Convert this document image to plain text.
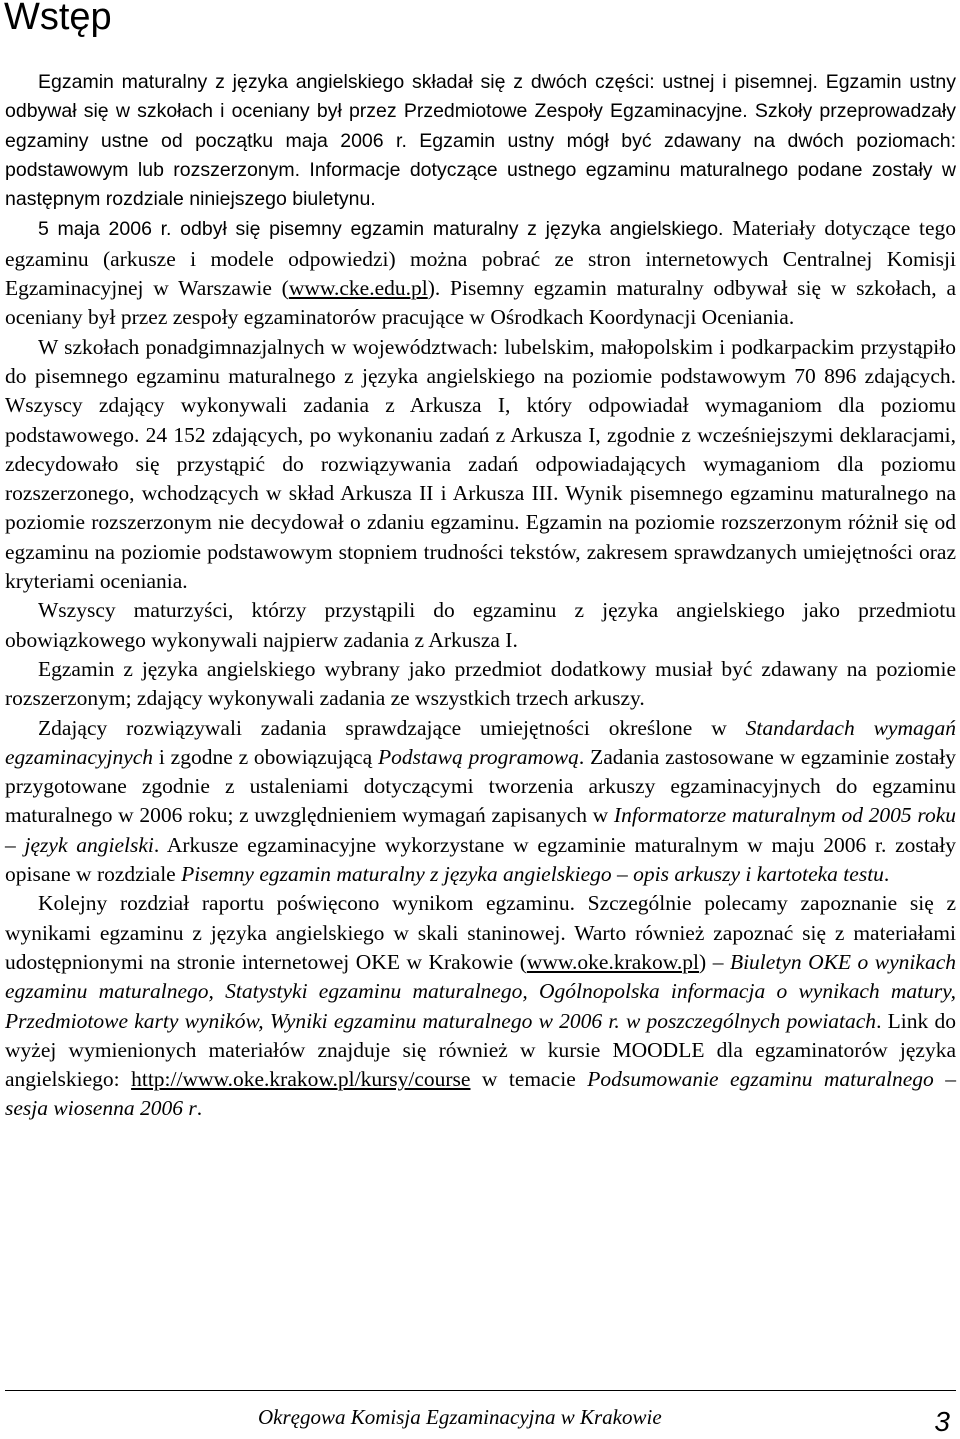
Wstęp

Egzamin maturalny z języka angielskiego składał się z dwóch części: ustnej i pisemnej. Egzamin ustny odbywał się w szkołach i oceniany był przez Przedmiotowe Zespoły Egzaminacyjne. Szkoły przeprowadzały egzaminy ustne od początku maja 2006 r. Egzamin ustny mógł być zdawany na dwóch poziomach: podstawowym lub rozszerzonym. Informacje dotyczące ustnego egzaminu maturalnego podane zostały w następnym rozdziale niniejszego biuletynu.

5 maja 2006 r. odbył się pisemny egzamin maturalny z języka angielskiego. Materiały dotyczące tego egzaminu (arkusze i modele odpowiedzi) można pobrać ze stron internetowych Centralnej Komisji Egzaminacyjnej w Warszawie (www.cke.edu.pl). Pisemny egzamin maturalny odbywał się w szkołach, a oceniany był przez zespoły egzaminatorów pracujące w Ośrodkach Koordynacji Oceniania.

W szkołach ponadgimnazjalnych w województwach: lubelskim, małopolskim i podkarpackim przystąpiło do pisemnego egzaminu maturalnego z języka angielskiego na poziomie podstawowym 70 896 zdających. Wszyscy zdający wykonywali zadania z Arkusza I, który odpowiadał wymaganiom dla poziomu podstawowego. 24 152 zdających, po wykonaniu zadań z Arkusza I, zgodnie z wcześniejszymi deklaracjami, zdecydowało się przystąpić do rozwiązywania zadań odpowiadających wymaganiom dla poziomu rozszerzonego, wchodzących w skład Arkusza II i Arkusza III. Wynik pisemnego egzaminu maturalnego na poziomie rozszerzonym nie decydował o zdaniu egzaminu. Egzamin na poziomie rozszerzonym różnił się od egzaminu na poziomie podstawowym stopniem trudności tekstów, zakresem sprawdzanych umiejętności oraz kryteriami oceniania.

Wszyscy maturzyści, którzy przystąpili do egzaminu z języka angielskiego jako przedmiotu obowiązkowego wykonywali najpierw zadania z Arkusza I.

Egzamin z języka angielskiego wybrany jako przedmiot dodatkowy musiał być zdawany na poziomie rozszerzonym; zdający wykonywali zadania ze wszystkich trzech arkuszy.

Zdający rozwiązywali zadania sprawdzające umiejętności określone w Standardach wymagań egzaminacyjnych i zgodne z obowiązującą Podstawą programową. Zadania zastosowane w egzaminie zostały przygotowane zgodnie z ustaleniami dotyczącymi tworzenia arkuszy egzaminacyjnych do egzaminu maturalnego w 2006 roku; z uwzględnieniem wymagań zapisanych w Informatorze maturalnym od 2005 roku – język angielski. Arkusze egzaminacyjne wykorzystane w egzaminie maturalnym w maju 2006 r. zostały opisane w rozdziale Pisemny egzamin maturalny z języka angielskiego – opis arkuszy i kartoteka testu.

Kolejny rozdział raportu poświęcono wynikom egzaminu. Szczególnie polecamy zapoznanie się z wynikami egzaminu z języka angielskiego w skali staninowej. Warto również zapoznać się z materiałami udostępnionymi na stronie internetowej OKE w Krakowie (www.oke.krakow.pl) – Biuletyn OKE o wynikach egzaminu maturalnego, Statystyki egzaminu maturalnego, Ogólnopolska informacja o wynikach matury, Przedmiotowe karty wyników, Wyniki egzaminu maturalnego w 2006 r. w poszczególnych powiatach. Link do wyżej wymienionych materiałów znajduje się również w kursie MOODLE dla egzaminatorów języka angielskiego: http://www.oke.krakow.pl/kursy/course w temacie Podsumowanie egzaminu maturalnego – sesja wiosenna 2006 r.

Okręgowa Komisja Egzaminacyjna w Krakowie	3
